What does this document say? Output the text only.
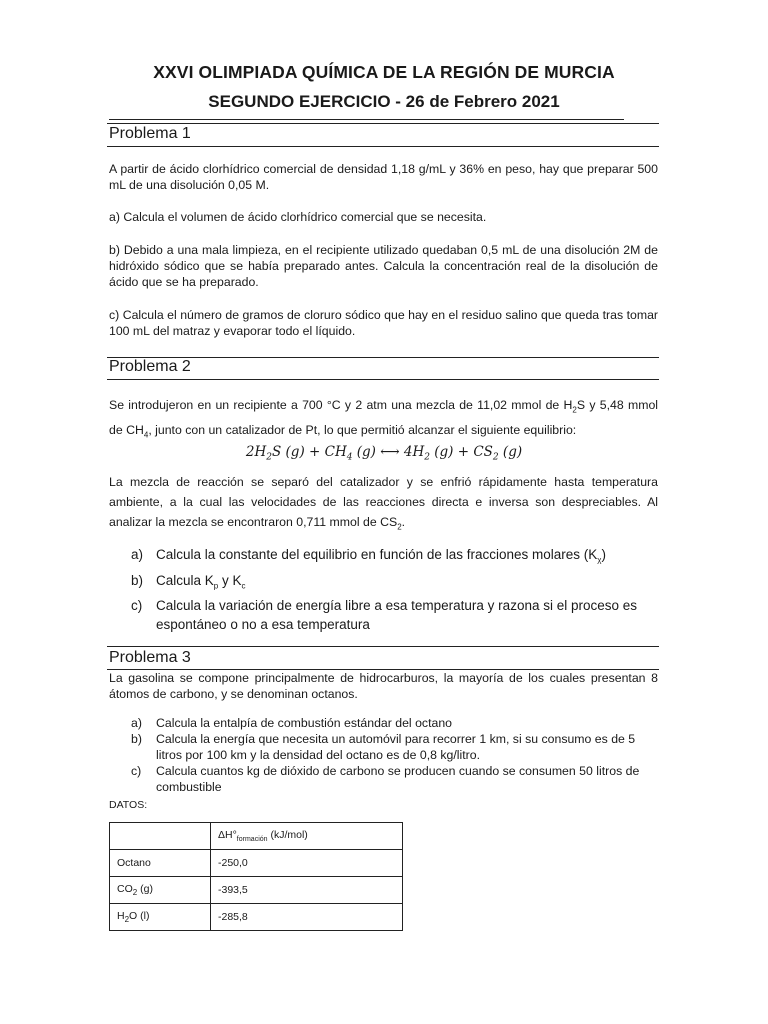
XXVI OLIMPIADA QUÍMICA DE LA REGIÓN DE MURCIA
SEGUNDO EJERCICIO - 26 de Febrero 2021
Problema 1
A partir de ácido clorhídrico comercial de densidad 1,18 g/mL y 36% en peso, hay que preparar 500 mL de una disolución 0,05 M.
a) Calcula el volumen de ácido clorhídrico comercial que se necesita.
b) Debido a una mala limpieza, en el recipiente utilizado quedaban 0,5 mL de una disolución 2M de hidróxido sódico que se había preparado antes. Calcula la concentración real de la disolución de ácido que se ha preparado.
c) Calcula el número de gramos de cloruro sódico que hay en el residuo salino que queda tras tomar 100 mL del matraz y evaporar todo el líquido.
Problema 2
Se introdujeron en un recipiente a 700 °C y 2 atm una mezcla de 11,02 mmol de $H_2S$ y 5,48 mmol de $CH_4$, junto con un catalizador de Pt, lo que permitió alcanzar el siguiente equilibrio:
$2H_2S$ $(g) + CH_4$ (g) ⟷ $4H_2$ $(g) + CS_2$ (g)
La mezcla de reacción se separó del catalizador y se enfrió rápidamente hasta temperatura ambiente, a la cual las velocidades de las reacciones directa e inversa son despreciables. Al analizar la mezcla se encontraron 0,711 mmol de $CS_2$.
a) Calcula la constante del equilibrio en función de las fracciones molares $(K_\chi)$
b) Calcula $K_p$ y $K_c$
c) Calcula la variación de energía libre a esa temperatura y razona si el proceso es espontáneo o no a esa temperatura
Problema 3
La gasolina se compone principalmente de hidrocarburos, la mayoría de los cuales presentan 8 átomos de carbono, y se denominan octanos.
a) Calcula la entalpía de combustión estándar del octano
b) Calcula la energía que necesita un automóvil para recorrer 1 km, si su consumo es de 5 litros por 100 km y la densidad del octano es de 0,8 kg/litro.
c) Calcula cuantos kg de dióxido de carbono se producen cuando se consumen 50 litros de combustible
DATOS:
	$\Delta H^\circ_{formación}$ (kJ/mol)
Octano	-250,0
$CO_2$ (g)	-393,5
$H_2O$ (l)	-285,8
